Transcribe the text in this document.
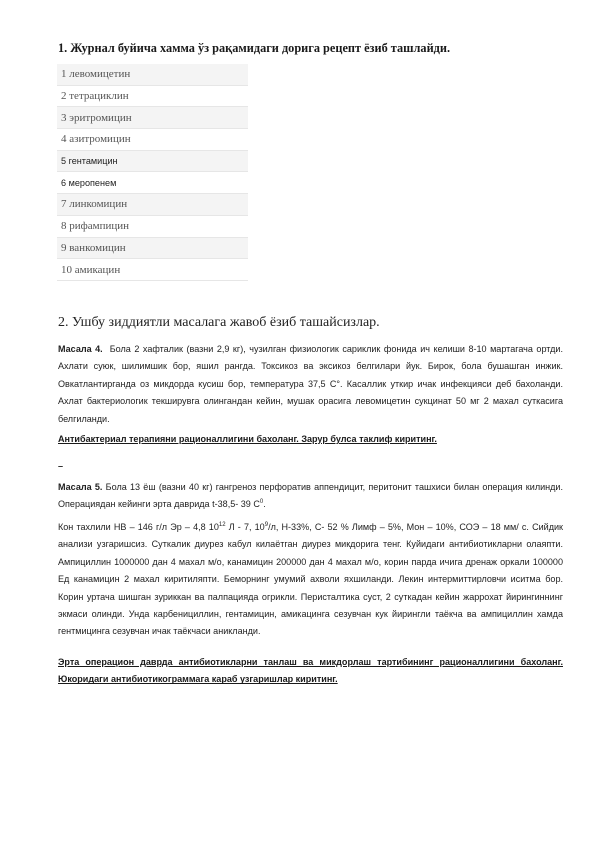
1. Журнал буйича хамма ўз рақамидаги дорига рецепт ёзиб ташлайди.
1 левомицетин
2 тетрациклин
3 эритромицин
4 азитромицин
5 гентамицин
6 меропенем
7 линкомицин
8 рифампицин
9 ванкомицин
10 амикацин
2. Ушбу зиддиятли масалага жавоб ёзиб ташайсизлар.
Масала 4. Бола 2 хафталик (вазни 2,9 кг), чузилган физиологик сариклик фонида ич келиши 8-10 мартагача ортди. Ахлати суюк, шилимшик бор, яшил рангда. Токсикоз ва эксикоз белгилари йук. Бирок, бола бушашган инжик. Овкатлантирганда оз микдорда кусиш бор, температура 37,5 С°. Касаллик уткир ичак инфекцияси деб бахоланди. Ахлат бактериологик текширувга олингандан кейин, мушак орасига левомицетин сукцинат 50 мг 2 махал суткасига белгиланди.
Антибактериал терапияни рационаллигини бахоланг. Зарур булса таклиф киритинг.
–
Масала 5. Бола 13 ёш (вазни 40 кг) гангреноз перфоратив аппендицит, перитонит ташхиси билан операция килинди. Операциядан кейинги эрта даврида t-38,5- 39 $С^0$.
Кон тахлили НВ – 146 г/л Эр – 4,8 $10^{12}$ Л - 7, $10^9/л$, Н-33%, С- 52 % Лимф – 5%, Мон – 10%, СОЭ – 18 мм/ с. Сийдик анализи узгаришсиз. Суткалик диурез кабул килаётган диурез микдорига тенг. Куйидаги антибиотикларни олаяпти. Ампициллин 1000000 дан 4 махал м/о, канамицин 200000 дан 4 махал м/о, корин парда ичига дренаж оркали 100000 Ед канамицин 2 махал киритиляпти. Беморнинг умумий ахволи яхшиланди. Лекин интермиттирловчи иситма бор. Корин уртача шишган зуриккан ва палпацияда огрикли. Перисталтика суст, 2 суткадан кейин жаррохат йирингиннинг экмаси олинди. Унда карбенициллин, гентамицин, амикацинга сезувчан кук йирингли таёкча ва ампициллин хамда гентмицинга сезувчан ичак таёкчаси аникланди.
Эрта операцион даврда антибиотикларни танлаш ва микдорлаш тартибининг рационаллигини бахоланг. Юкоридаги антибиотикограммага караб узгаришлар киритинг.
